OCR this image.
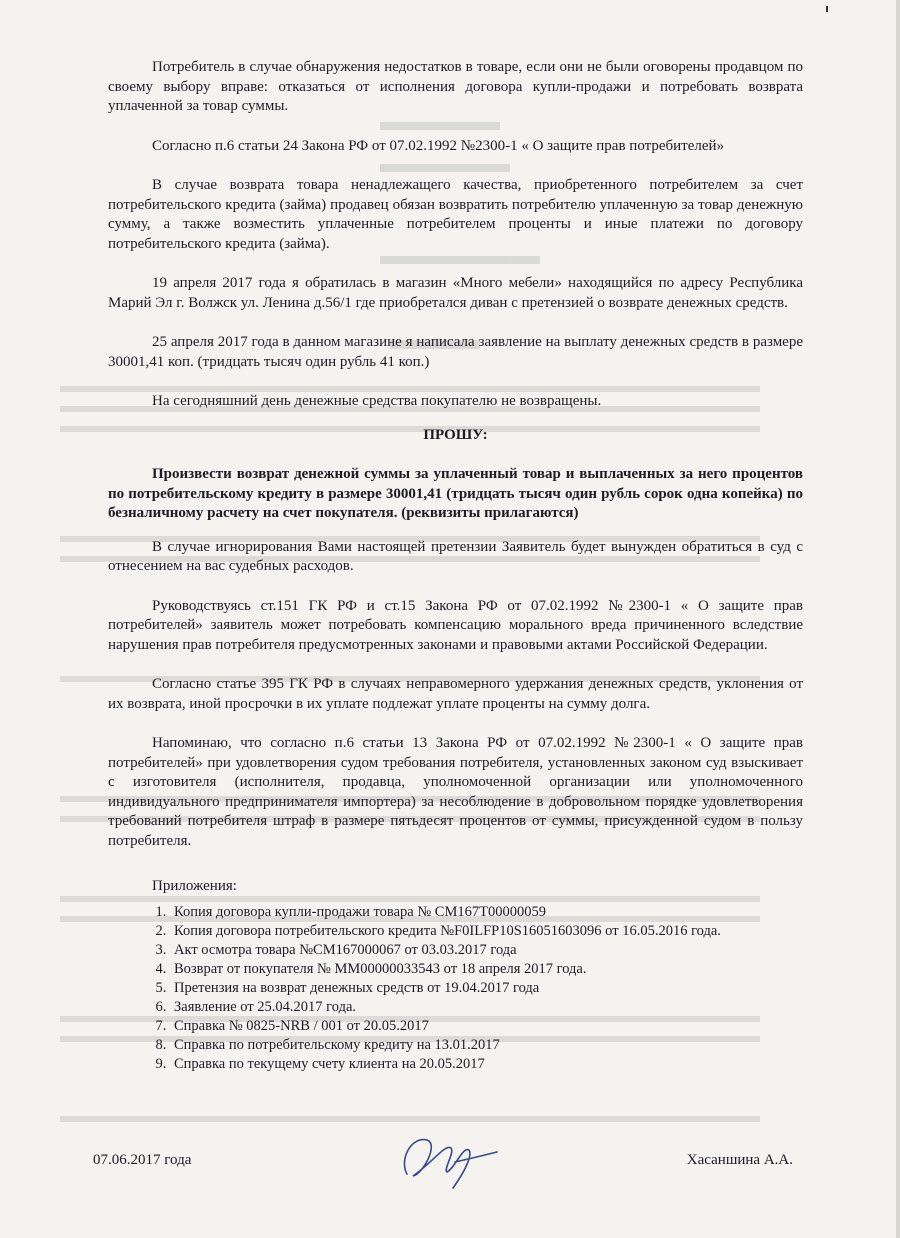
Потребитель в случае обнаружения недостатков в товаре, если они не были оговорены продавцом по своему выбору вправе: отказаться от исполнения договора купли-продажи и потребовать возврата уплаченной за товар суммы.

Согласно п.6 статьи 24 Закона РФ от 07.02.1992 №2300-1 « О защите прав потребителей»

В случае возврата товара ненадлежащего качества, приобретенного потребителем за счет потребительского кредита (займа) продавец обязан возвратить потребителю уплаченную за товар денежную сумму, а также возместить уплаченные потребителем проценты и иные платежи по договору потребительского кредита (займа).

19 апреля 2017 года я обратилась в магазин «Много мебели» находящийся по адресу Республика Марий Эл г. Волжск ул. Ленина д.56/1 где приобретался диван с претензией о возврате денежных средств.

25 апреля 2017 года в данном магазине я написала заявление на выплату денежных средств в размере 30001,41 коп. (тридцать тысяч один рубль 41 коп.)

На сегодняшний день денежные средства покупателю не возвращены.

ПРОШУ:

Произвести возврат денежной суммы за уплаченный товар и выплаченных за него процентов по потребительскому кредиту в размере 30001,41 (тридцать тысяч один рубль сорок одна копейка) по безналичному расчету на счет покупателя. (реквизиты прилагаются)

В случае игнорирования Вами настоящей претензии Заявитель будет вынужден обратиться в суд с отнесением на вас судебных расходов.

Руководствуясь ст.151 ГК РФ и ст.15 Закона РФ от 07.02.1992 №2300-1 « О защите прав потребителей» заявитель может потребовать компенсацию морального вреда причиненного вследствие нарушения прав потребителя предусмотренных законами и правовыми актами Российской Федерации.

Согласно статье 395 ГК РФ в случаях неправомерного удержания денежных средств, уклонения от их возврата, иной просрочки в их уплате подлежат уплате проценты на сумму долга.

Напоминаю, что согласно п.6 статьи 13 Закона РФ от 07.02.1992 №2300-1 « О защите прав потребителей» при удовлетворения судом требования потребителя, установленных законом суд взыскивает с изготовителя (исполнителя, продавца, уполномоченной организации или уполномоченного индивидуального предпринимателя импортера) за несоблюдение в добровольном порядке удовлетворения требований потребителя штраф в размере пятьдесят процентов от суммы, присужденной судом в пользу потребителя.

Приложения:

1. Копия договора купли-продажи товара № СМ167Т00000059
2. Копия договора потребительского кредита №F0ILFP10S16051603096 от 16.05.2016 года.
3. Акт осмотра товара №СМ167000067 от 03.03.2017 года
4. Возврат от покупателя № ММ00000033543 от 18 апреля 2017 года.
5. Претензия на возврат денежных средств от 19.04.2017 года
6. Заявление от 25.04.2017 года.
7. Справка № 0825-NRB / 001 от 20.05.2017
8. Справка по потребительскому кредиту на 13.01.2017
9. Справка по текущему счету клиента на 20.05.2017
07.06.2017 года	Хасаншина А.А.
